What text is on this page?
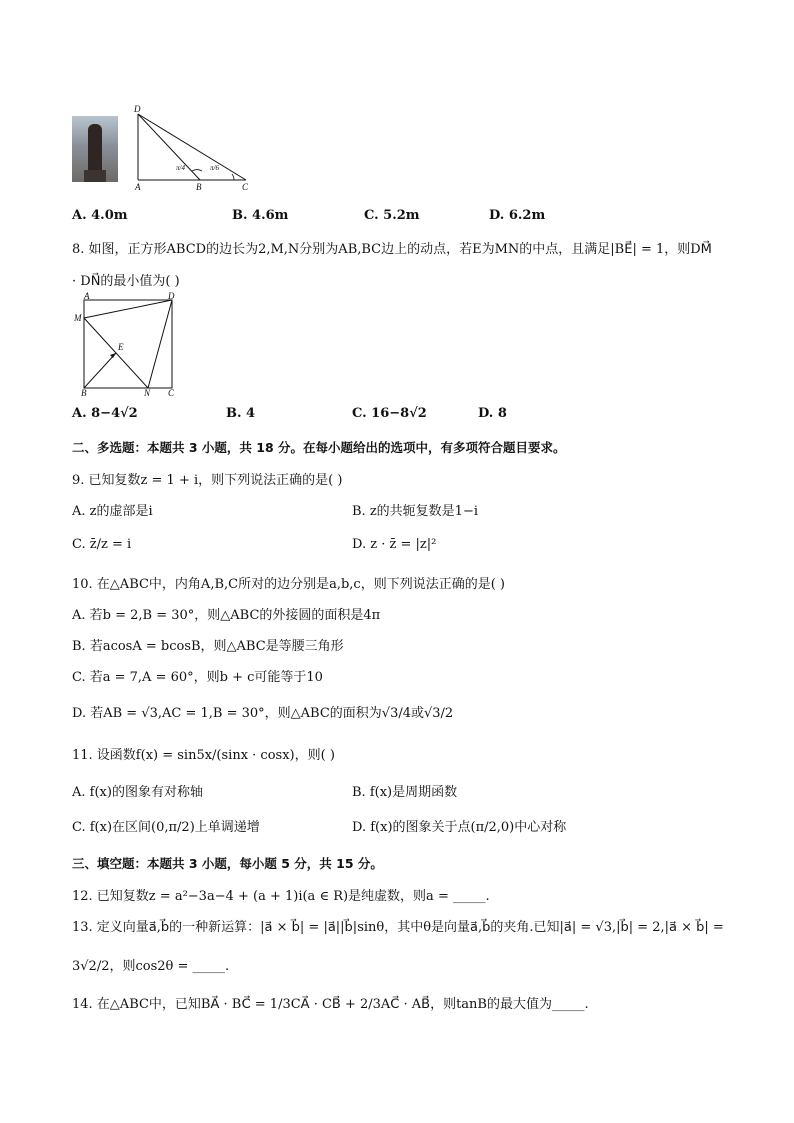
D
A	B	C
π/4	π/6
A. 4.0m	B. 4.6m	C. 5.2m	D. 6.2m
8. 如图，正方形ABCD的边长为2,M,N分别为AB,BC边上的动点，若E为MN的中点，且满足|BE⃗| = 1，则DM⃗
· DN⃗的最小值为( )
A	D
M
E
B	N C
A. 8−4√2	B. 4	C. 16−8√2	D. 8
二、多选题：本题共 3 小题，共 18 分。在每小题给出的选项中，有多项符合题目要求。
9. 已知复数z = 1 + i，则下列说法正确的是( )
A. z的虚部是i	B. z的共轭复数是1−i
C. z̄/z = i	D. z · z̄ = |z|²
10. 在△ABC中，内角A,B,C所对的边分别是a,b,c，则下列说法正确的是( )
A. 若b = 2,B = 30°，则△ABC的外接圆的面积是4π
B. 若acosA = bcosB，则△ABC是等腰三角形
C. 若a = 7,A = 60°，则b + c可能等于10
D. 若AB = √3,AC = 1,B = 30°，则△ABC的面积为√3/4或√3/2
11. 设函数f(x) = sin5x/(sinx · cosx)，则( )
A. f(x)的图象有对称轴	B. f(x)是周期函数
C. f(x)在区间(0,π/2)上单调递增	D. f(x)的图象关于点(π/2,0)中心对称
三、填空题：本题共 3 小题，每小题 5 分，共 15 分。
12. 已知复数z = a²−3a−4 + (a + 1)i(a ∈ R)是纯虚数，则a = _____.
13. 定义向量a⃗,b⃗的一种新运算：|a⃗ × b⃗| = |a⃗||b⃗|sinθ，其中θ是向量a⃗,b⃗的夹角.已知|a⃗| = √3,|b⃗| = 2,|a⃗ × b⃗| =
3√2/2，则cos2θ = _____.
14. 在△ABC中，已知BA⃗ · BC⃗ = 1/3CA⃗ · CB⃗ + 2/3AC⃗ · AB⃗，则tanB的最大值为_____.
